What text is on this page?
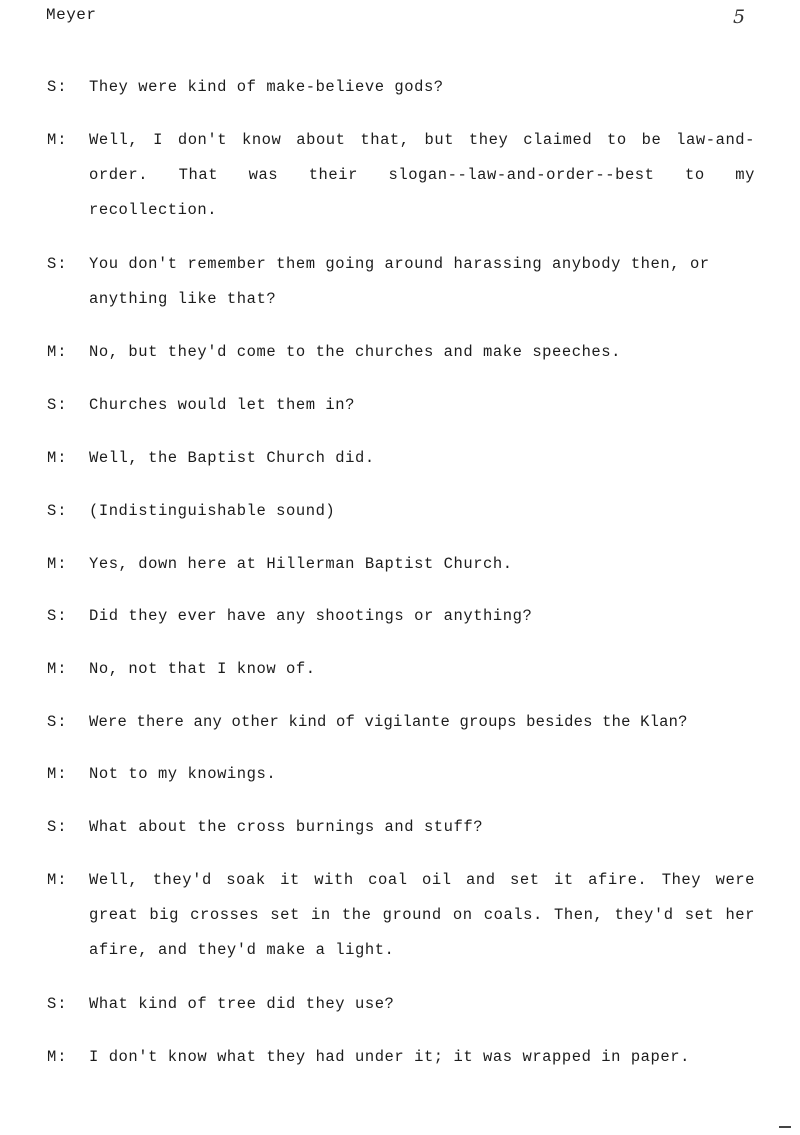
Meyer	5
S: They were kind of make-believe gods?
M: Well, I don't know about that, but they claimed to be law-and-order. That was their slogan--law-and-order--best to my recollection.
S: You don't remember them going around harassing anybody then, or anything like that?
M: No, but they'd come to the churches and make speeches.
S: Churches would let them in?
M: Well, the Baptist Church did.
S: (Indistinguishable sound)
M: Yes, down here at Hillerman Baptist Church.
S: Did they ever have any shootings or anything?
M: No, not that I know of.
S: Were there any other kind of vigilante groups besides the Klan?
M: Not to my knowings.
S: What about the cross burnings and stuff?
M: Well, they'd soak it with coal oil and set it afire. They were great big crosses set in the ground on coals. Then, they'd set her afire, and they'd make a light.
S: What kind of tree did they use?
M: I don't know what they had under it; it was wrapped in paper.
